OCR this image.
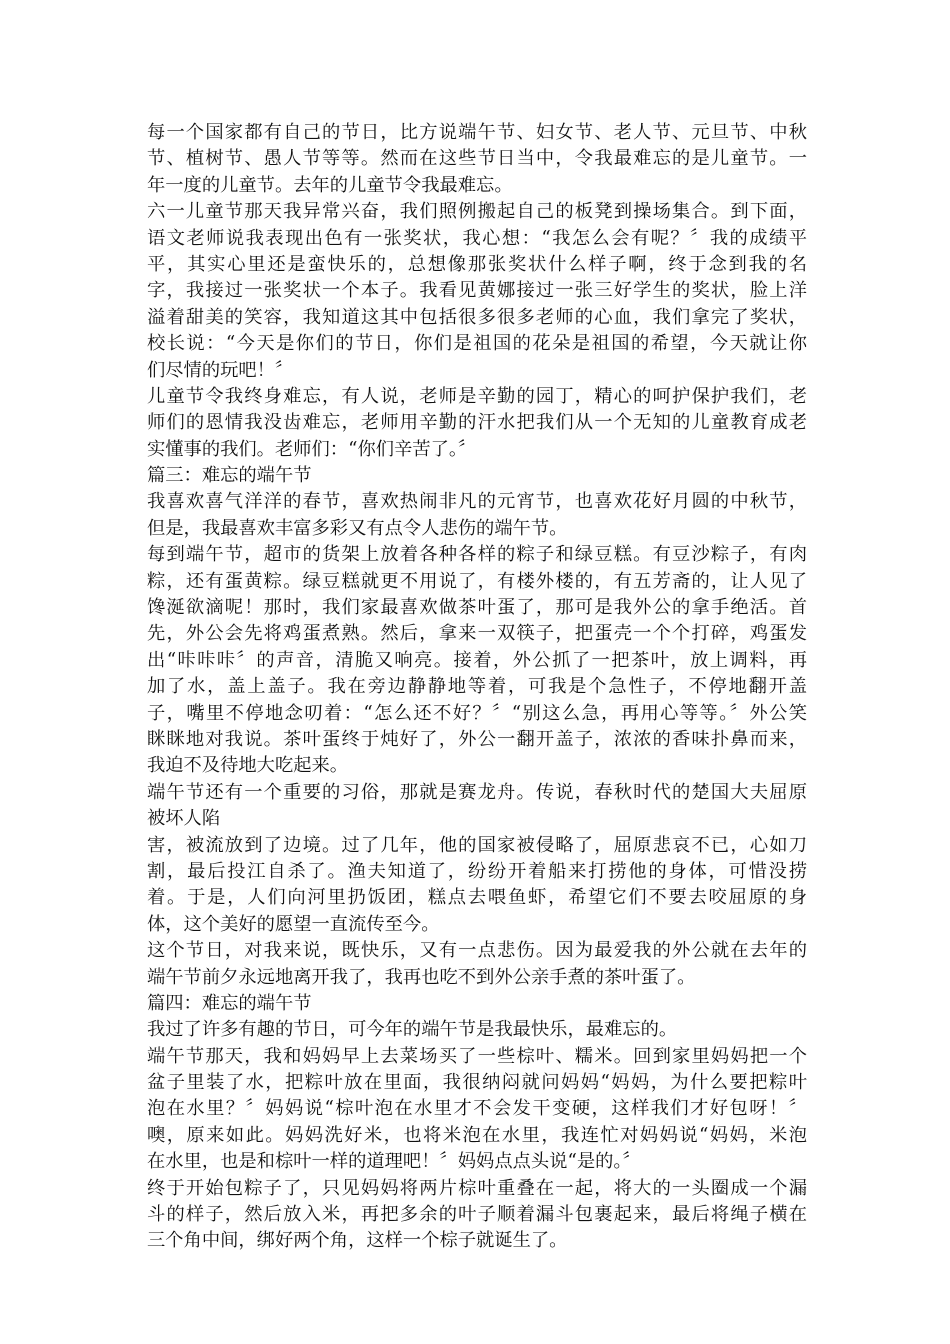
每一个国家都有自己的节日，比方说端午节、妇女节、老人节、元旦节、中秋
节、植树节、愚人节等等。然而在这些节日当中，令我最难忘的是儿童节。一
年一度的儿童节。去年的儿童节令我最难忘。
六一儿童节那天我异常兴奋，我们照例搬起自己的板凳到操场集合。到下面，
语文老师说我表现出色有一张奖状，我心想：“我怎么会有呢？〞我的成绩平
平，其实心里还是蛮快乐的，总想像那张奖状什么样子啊，终于念到我的名
字，我接过一张奖状一个本子。我看见黄娜接过一张三好学生的奖状，脸上洋
溢着甜美的笑容，我知道这其中包括很多很多老师的心血，我们拿完了奖状，
校长说：“今天是你们的节日，你们是祖国的花朵是祖国的希望，今天就让你
们尽情的玩吧！〞
儿童节令我终身难忘，有人说，老师是辛勤的园丁，精心的呵护保护我们，老
师们的恩情我没齿难忘，老师用辛勤的汗水把我们从一个无知的儿童教育成老
实懂事的我们。老师们：“你们辛苦了。〞
篇三：难忘的端午节
我喜欢喜气洋洋的春节，喜欢热闹非凡的元宵节，也喜欢花好月圆的中秋节，
但是，我最喜欢丰富多彩又有点令人悲伤的端午节。
每到端午节，超市的货架上放着各种各样的粽子和绿豆糕。有豆沙粽子，有肉
粽，还有蛋黄粽。绿豆糕就更不用说了，有楼外楼的，有五芳斋的，让人见了
馋涎欲滴呢！那时，我们家最喜欢做茶叶蛋了，那可是我外公的拿手绝活。首
先，外公会先将鸡蛋煮熟。然后，拿来一双筷子，把蛋壳一个个打碎，鸡蛋发
出“咔咔咔〞的声音，清脆又响亮。接着，外公抓了一把茶叶，放上调料，再
加了水，盖上盖子。我在旁边静静地等着，可我是个急性子，不停地翻开盖
子，嘴里不停地念叨着：“怎么还不好？〞“别这么急，再用心等等。〞外公笑
眯眯地对我说。茶叶蛋终于炖好了，外公一翻开盖子，浓浓的香味扑鼻而来，
我迫不及待地大吃起来。
端午节还有一个重要的习俗，那就是赛龙舟。传说，春秋时代的楚国大夫屈原
被坏人陷
害，被流放到了边境。过了几年，他的国家被侵略了，屈原悲哀不已，心如刀
割，最后投江自杀了。渔夫知道了，纷纷开着船来打捞他的身体，可惜没捞
着。于是，人们向河里扔饭团，糕点去喂鱼虾，希望它们不要去咬屈原的身
体，这个美好的愿望一直流传至今。
这个节日，对我来说，既快乐，又有一点悲伤。因为最爱我的外公就在去年的
端午节前夕永远地离开我了，我再也吃不到外公亲手煮的茶叶蛋了。
篇四：难忘的端午节
我过了许多有趣的节日，可今年的端午节是我最快乐，最难忘的。
端午节那天，我和妈妈早上去菜场买了一些棕叶、糯米。回到家里妈妈把一个
盆子里装了水，把粽叶放在里面，我很纳闷就问妈妈“妈妈，为什么要把粽叶
泡在水里？〞妈妈说“棕叶泡在水里才不会发干变硬，这样我们才好包呀！〞
噢，原来如此。妈妈洗好米，也将米泡在水里，我连忙对妈妈说“妈妈，米泡
在水里，也是和棕叶一样的道理吧！〞妈妈点点头说“是的。〞
终于开始包粽子了，只见妈妈将两片棕叶重叠在一起，将大的一头圈成一个漏
斗的样子，然后放入米，再把多余的叶子顺着漏斗包裹起来，最后将绳子横在
三个角中间，绑好两个角，这样一个棕子就诞生了。
